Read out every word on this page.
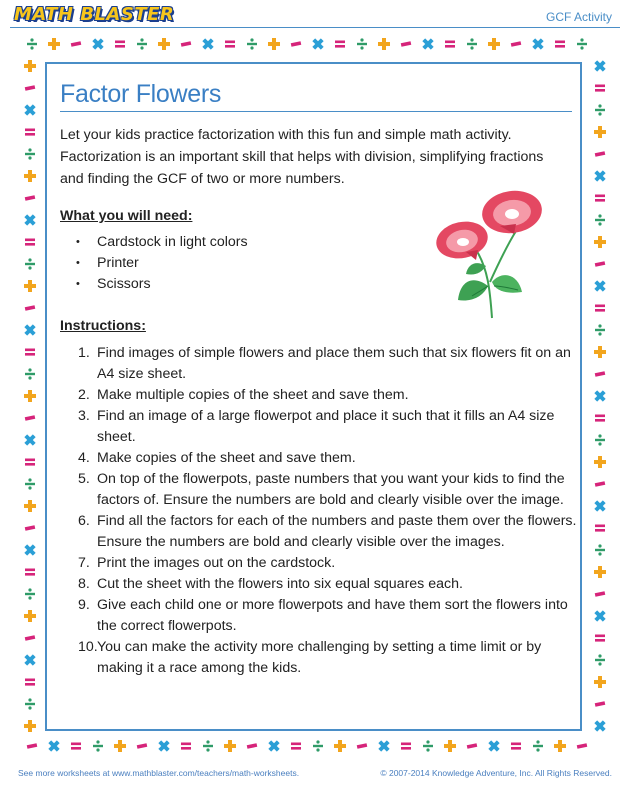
MATH BLASTER	GCF Activity
Factor Flowers
Let your kids practice factorization with this fun and simple math activity. Factorization is an important skill that helps with division, simplifying fractions and finding the GCF of two or more numbers.
What you will need:
• Cardstock in light colors
• Printer
• Scissors
Instructions:
1. Find images of simple flowers and place them such that six flowers fit on an A4 size sheet.
2. Make multiple copies of the sheet and save them.
3. Find an image of a large flowerpot and place it such that it fills an A4 size sheet.
4. Make copies of the sheet and save them.
5. On top of the flowerpots, paste numbers that you want your kids to find the factors of. Ensure the numbers are bold and clearly visible over the image.
6. Find all the factors for each of the numbers and paste them over the flowers. Ensure the numbers are bold and clearly visible over the images.
7. Print the images out on the cardstock.
8. Cut the sheet with the flowers into six equal squares each.
9. Give each child one or more flowerpots and have them sort the flowers into the correct flowerpots.
10. You can make the activity more challenging by setting a time limit or by making it a race among the kids.
See more worksheets at www.mathblaster.com/teachers/math-worksheets.	© 2007-2014 Knowledge Adventure, Inc. All Rights Reserved.
